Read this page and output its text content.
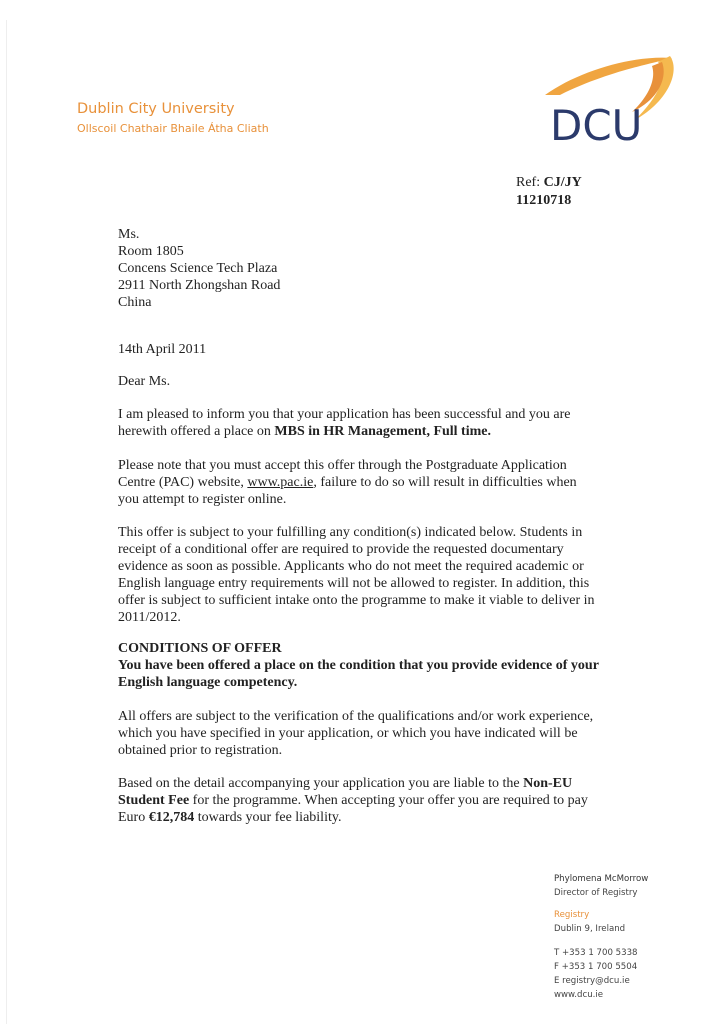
Dublin City University
Ollscoil Chathair Bhaile Átha Cliath	DCU
Ref: CJ/JY
11210718
Ms.
Room 1805
Concens Science Tech Plaza
2911 North Zhongshan Road
China
14th April 2011
Dear Ms.
I am pleased to inform you that your application has been successful and you are
herewith offered a place on MBS in HR Management, Full time.
Please note that you must accept this offer through the Postgraduate Application
Centre (PAC) website, www.pac.ie, failure to do so will result in difficulties when
you attempt to register online.
This offer is subject to your fulfilling any condition(s) indicated below. Students in
receipt of a conditional offer are required to provide the requested documentary
evidence as soon as possible. Applicants who do not meet the required academic or
English language entry requirements will not be allowed to register. In addition, this
offer is subject to sufficient intake onto the programme to make it viable to deliver in
2011/2012.
CONDITIONS OF OFFER
You have been offered a place on the condition that you provide evidence of your
English language competency.
All offers are subject to the verification of the qualifications and/or work experience,
which you have specified in your application, or which you have indicated will be
obtained prior to registration.
Based on the detail accompanying your application you are liable to the Non-EU
Student Fee for the programme. When accepting your offer you are required to pay
Euro €12,784 towards your fee liability.
Phylomena McMorrow
Director of Registry
Registry
Dublin 9, Ireland
T +353 1 700 5338
F +353 1 700 5504
E registry@dcu.ie
www.dcu.ie
